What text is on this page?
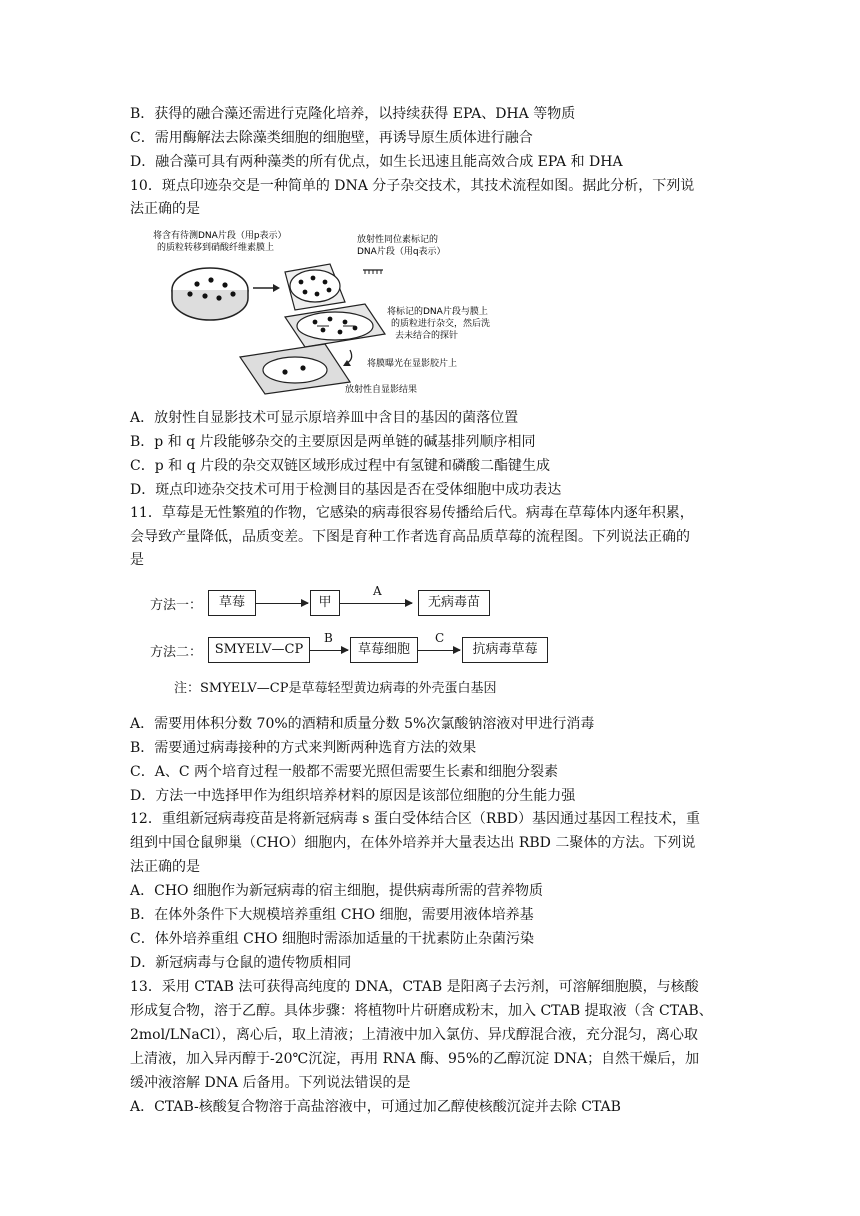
B．获得的融合藻还需进行克隆化培养，以持续获得 EPA、DHA 等物质
C．需用酶解法去除藻类细胞的细胞壁，再诱导原生质体进行融合
D．融合藻可具有两种藻类的所有优点，如生长迅速且能高效合成 EPA 和 DHA
10．斑点印迹杂交是一种简单的 DNA 分子杂交技术，其技术流程如图。据此分析，下列说
法正确的是
将含有待测DNA片段（用p表示）
的质粒转移到硝酸纤维素膜上
放射性同位素标记的
DNA片段（用q表示）
将标记的DNA片段与膜上
的质粒进行杂交，然后洗
去未结合的探针
将膜曝光在显影胶片上
放射性自显影结果
A．放射性自显影技术可显示原培养皿中含目的基因的菌落位置
B．p 和 q 片段能够杂交的主要原因是两单链的碱基排列顺序相同
C．p 和 q 片段的杂交双链区域形成过程中有氢键和磷酸二酯键生成
D．斑点印迹杂交技术可用于检测目的基因是否在受体细胞中成功表达
11．草莓是无性繁殖的作物，它感染的病毒很容易传播给后代。病毒在草莓体内逐年积累，
会导致产量降低，品质变差。下图是育种工作者选育高品质草莓的流程图。下列说法正确的
是
方法一：	草莓	甲
A
无病毒苗
方法二： SMYELV—CP
B
草莓细胞
C
抗病毒草莓
注：SMYELV—CP是草莓轻型黄边病毒的外壳蛋白基因
A．需要用体积分数 70%的酒精和质量分数 5%次氯酸钠溶液对甲进行消毒
B．需要通过病毒接种的方式来判断两种选育方法的效果
C．A、C 两个培育过程一般都不需要光照但需要生长素和细胞分裂素
D．方法一中选择甲作为组织培养材料的原因是该部位细胞的分生能力强
12．重组新冠病毒疫苗是将新冠病毒 s 蛋白受体结合区（RBD）基因通过基因工程技术，重
组到中国仓鼠卵巢（CHO）细胞内，在体外培养并大量表达出 RBD 二聚体的方法。下列说
法正确的是
A．CHO 细胞作为新冠病毒的宿主细胞，提供病毒所需的营养物质
B．在体外条件下大规模培养重组 CHO 细胞，需要用液体培养基
C．体外培养重组 CHO 细胞时需添加适量的干扰素防止杂菌污染
D．新冠病毒与仓鼠的遗传物质相同
13．采用 CTAB 法可获得高纯度的 DNA，CTAB 是阳离子去污剂，可溶解细胞膜，与核酸
形成复合物，溶于乙醇。具体步骤：将植物叶片研磨成粉末，加入 CTAB 提取液（含 CTAB、
2mol/LNaCl），离心后，取上清液；上清液中加入氯仿、异戊醇混合液，充分混匀，离心取
上清液，加入异丙醇于-20℃沉淀，再用 RNA 酶、95%的乙醇沉淀 DNA；自然干燥后，加
缓冲液溶解 DNA 后备用。下列说法错误的是
A．CTAB-核酸复合物溶于高盐溶液中，可通过加乙醇使核酸沉淀并去除 CTAB
